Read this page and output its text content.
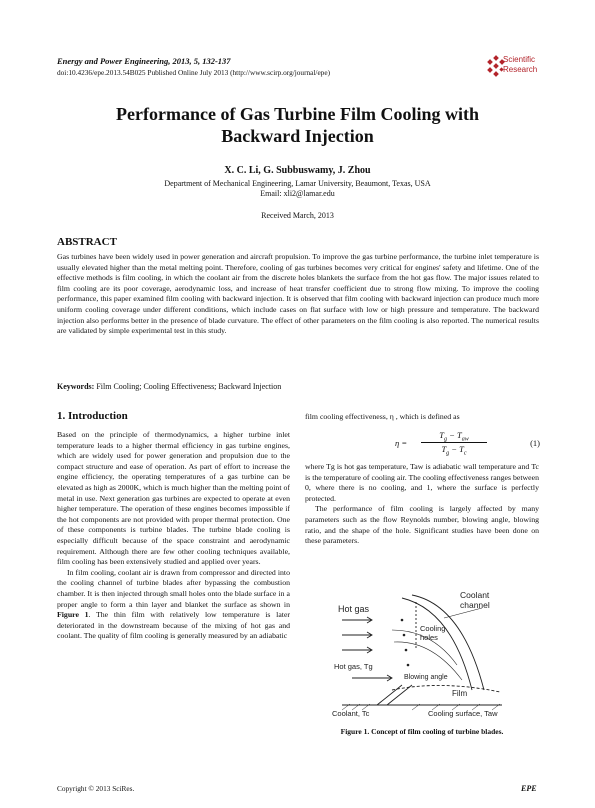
Energy and Power Engineering, 2013, 5, 132-137
doi:10.4236/epe.2013.54B025 Published Online July 2013 (http://www.scirp.org/journal/epe)
Scientific
Research
Performance of Gas Turbine Film Cooling with
Backward Injection
X. C. Li, G. Subbuswamy, J. Zhou
Department of Mechanical Engineering, Lamar University, Beaumont, Texas, USA
Email: xli2@lamar.edu
Received March, 2013
ABSTRACT
Gas turbines have been widely used in power generation and aircraft propulsion. To improve the gas turbine performance, the turbine inlet temperature is usually elevated higher than the metal melting point. Therefore, cooling of gas turbines becomes very critical for engines' safety and lifetime. One of the effective methods is film cooling, in which the coolant air from the discrete holes blankets the surface from the hot gas flow. The major issues related to film cooling are its poor coverage, aerodynamic loss, and increase of heat transfer coefficient due to strong flow mixing. To improve the cooling performance, this paper examined film cooling with backward injection. It is observed that film cooling with backward injection can produce much more uniform cooling coverage under different conditions, which include cases on flat surface with low or high pressure and temperature. The backward injection also performs better in the presence of blade curvature. The effect of other parameters on the film cooling is also reported. The numerical results are validated by simple experimental test in this study.
Keywords: Film Cooling; Cooling Effectiveness; Backward Injection
1. Introduction

Based on the principle of thermodynamics, a higher turbine inlet temperature leads to a higher thermal efficiency in gas turbine engines, which are widely used for power generation and propulsion due to the compact structure and ease of operation. As part of effort to increase the engine efficiency, the operating temperatures of a gas turbine can be elevated as high as 2000K, which is much higher than the melting point of metal in use. Next generation gas turbines are expected to operate at even higher temperature. The operation of these engines becomes impossible if the hot components are not provided with proper thermal protection. One of these components is turbine blades. The turbine blade cooling is especially difficult because of the space constraint and aerodynamic requirement. Although there are few other cooling techniques available, film cooling has been extensively studied and applied over years.

In film cooling, coolant air is drawn from compressor and directed into the cooling channel of turbine blades after bypassing the combustion chamber. It is then injected through small holes onto the blade surface in a proper angle to form a thin layer and blanket the surface as shown in Figure 1. The thin film with relatively low temperature is later deteriorated in the downstream because of the mixing of hot gas and coolant. The quality of film cooling is generally measured by an adiabatic

film cooling effectiveness, η , which is defined as
η =
$T_g - T_{aw}$
$T_g - T_c$
(1)

where Tg is hot gas temperature, Taw is adiabatic wall temperature and Tc is the temperature of cooling air. The cooling effectiveness ranges between 0, where there is no cooling, and 1, where the surface is perfectly protected.

The performance of film cooling is largely affected by many parameters such as the flow Reynolds number, blowing angle, blowing ratio, and the shape of the hole. Significant studies have been done on these parameters.

Hot gas
Coolant
channel
Cooling
holes
Hot gas, Tg
Blowing angle
Film
Coolant, Tc	Cooling surface, Taw
Figure 1. Concept of film cooling of turbine blades.
Copyright © 2013 SciRes.	EPE
